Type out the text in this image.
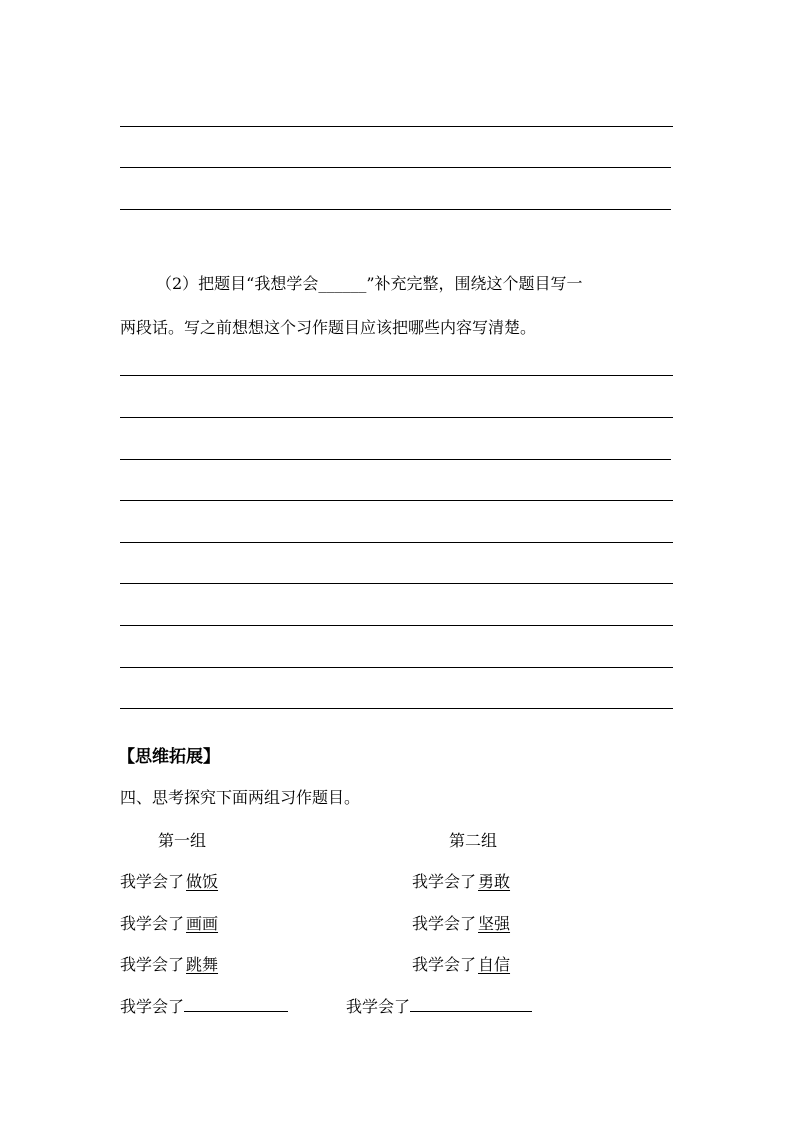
（2）把题目“我想学会______”补充完整，围绕这个题目写一
两段话。写之前想想这个习作题目应该把哪些内容写清楚。
【思维拓展】
四、思考探究下面两组习作题目。
第一组	第二组
我学会了 做饭
我学会了 画画
我学会了 跳舞
我学会了 勇敢
我学会了 坚强
我学会了 自信
我学会了	我学会了
